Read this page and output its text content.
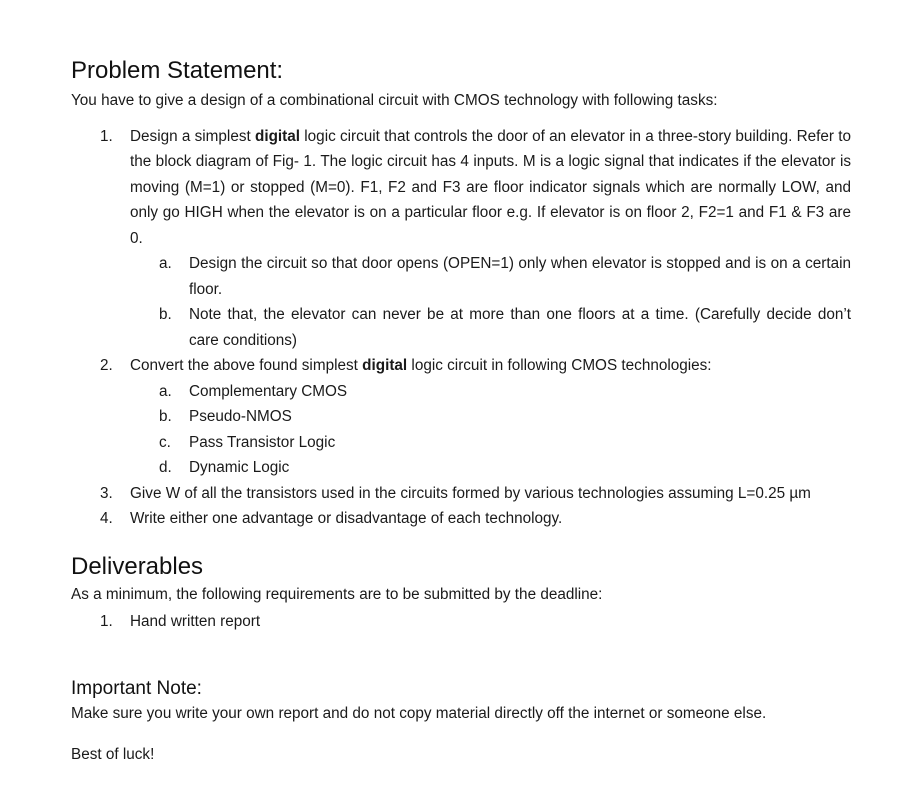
Problem Statement:

You have to give a design of a combinational circuit with CMOS technology with following tasks:

1. Design a simplest digital logic circuit that controls the door of an elevator in a three-story building. Refer to the block diagram of Fig- 1. The logic circuit has 4 inputs. M is a logic signal that indicates if the elevator is moving (M=1) or stopped (M=0). F1, F2 and F3 are floor indicator signals which are normally LOW, and only go HIGH when the elevator is on a particular floor e.g. If elevator is on floor 2, F2=1 and F1 & F3 are 0.
a. Design the circuit so that door opens (OPEN=1) only when elevator is stopped and is on a certain floor.
b. Note that, the elevator can never be at more than one floors at a time. (Carefully decide don’t care conditions)
2. Convert the above found simplest digital logic circuit in following CMOS technologies:
a. Complementary CMOS
b. Pseudo-NMOS
c. Pass Transistor Logic
d. Dynamic Logic
3. Give W of all the transistors used in the circuits formed by various technologies assuming L=0.25 µm
4. Write either one advantage or disadvantage of each technology.
Deliverables

As a minimum, the following requirements are to be submitted by the deadline:

1. Hand written report
Important Note:

Make sure you write your own report and do not copy material directly off the internet or someone else.

Best of luck!
